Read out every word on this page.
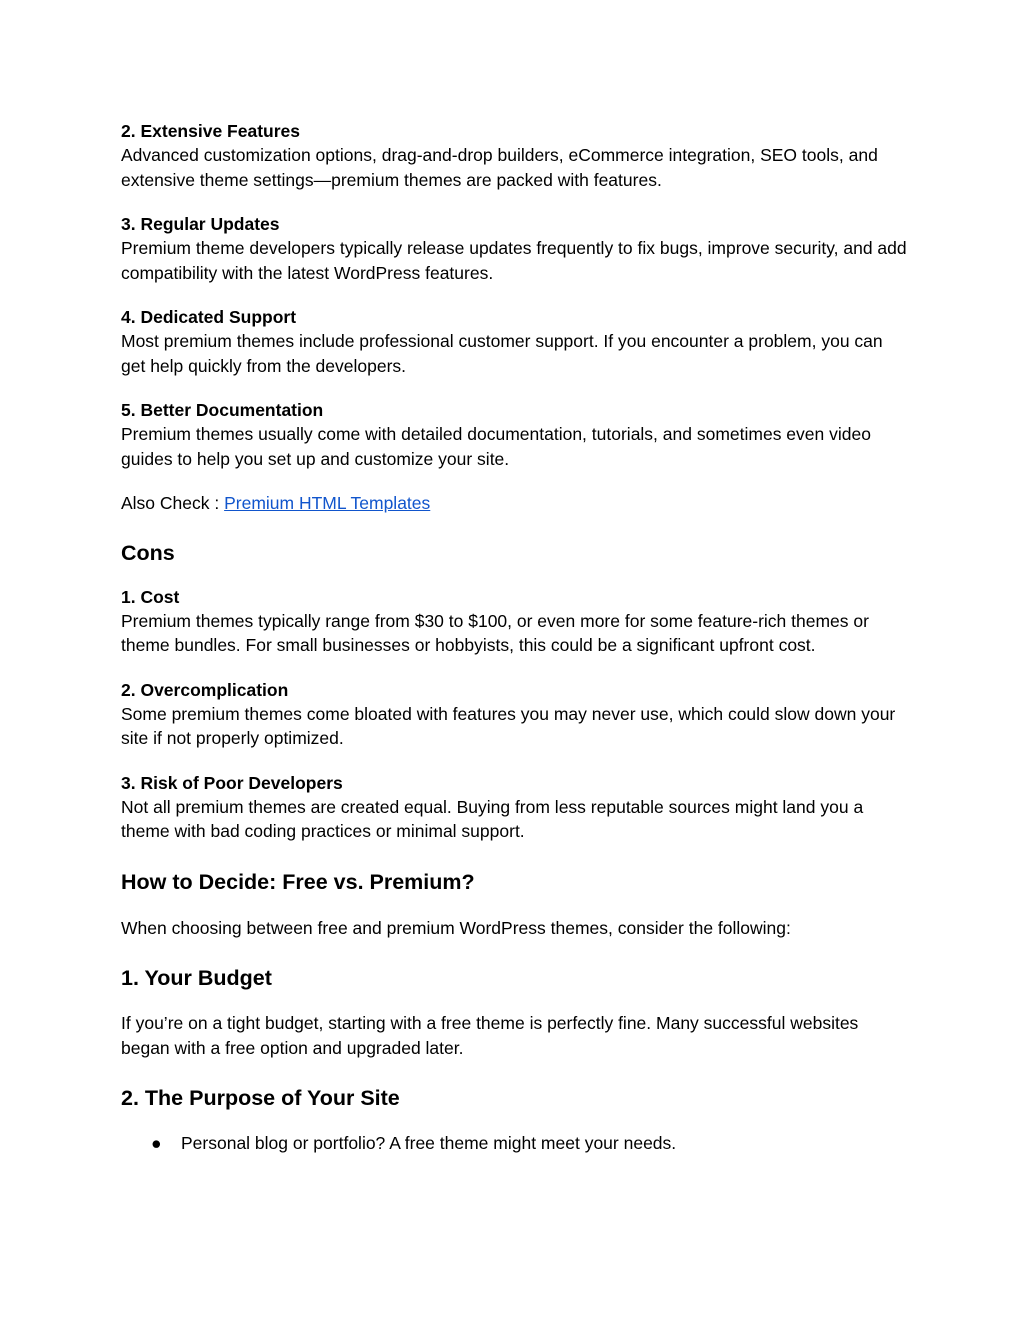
2. Extensive Features
Advanced customization options, drag-and-drop builders, eCommerce integration, SEO tools, and extensive theme settings—premium themes are packed with features.
3. Regular Updates
Premium theme developers typically release updates frequently to fix bugs, improve security, and add compatibility with the latest WordPress features.
4. Dedicated Support
Most premium themes include professional customer support. If you encounter a problem, you can get help quickly from the developers.
5. Better Documentation
Premium themes usually come with detailed documentation, tutorials, and sometimes even video guides to help you set up and customize your site.

Also Check : Premium HTML Templates

Cons
1. Cost
Premium themes typically range from $30 to $100, or even more for some feature-rich themes or theme bundles. For small businesses or hobbyists, this could be a significant upfront cost.
2. Overcomplication
Some premium themes come bloated with features you may never use, which could slow down your site if not properly optimized.
3. Risk of Poor Developers
Not all premium themes are created equal. Buying from less reputable sources might land you a theme with bad coding practices or minimal support.
How to Decide: Free vs. Premium?

When choosing between free and premium WordPress themes, consider the following:

1. Your Budget

If you’re on a tight budget, starting with a free theme is perfectly fine. Many successful websites began with a free option and upgraded later.

2. The Purpose of Your Site
● Personal blog or portfolio? A free theme might meet your needs.
